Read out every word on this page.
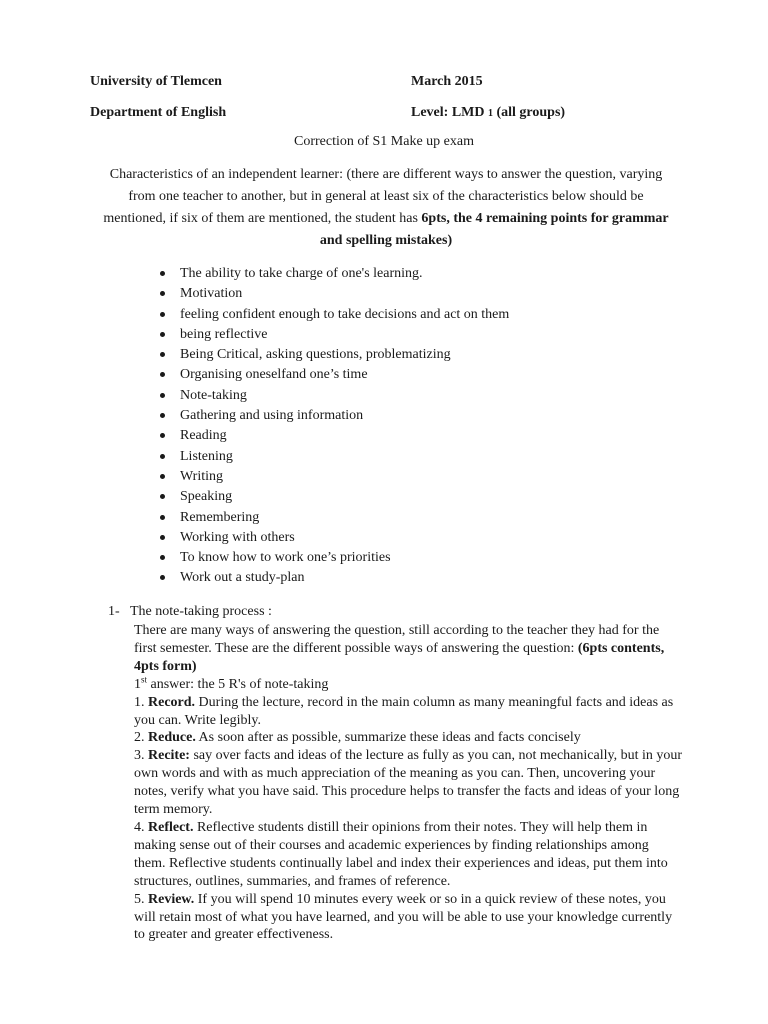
University of Tlemcen	March 2015
Department of English	Level: LMD 1 (all groups)
Correction of S1 Make up exam
Characteristics of an independent learner: (there are different ways to answer the question, varying from one teacher to another, but in general at least six of the characteristics below should be mentioned, if six of them are mentioned, the student has 6pts, the 4 remaining points for grammar and spelling mistakes)
The ability to take charge of one's learning.
Motivation
feeling confident enough to take decisions and act on them
being reflective
Being Critical, asking questions, problematizing
Organising oneselfand one’s time
Note-taking
Gathering and using information
Reading
Listening
Writing
Speaking
Remembering
Working with others
To know how to work one’s priorities
Work out a study-plan
1- The note-taking process :

There are many ways of answering the question, still according to the teacher they had for the first semester. These are the different possible ways of answering the question: (6pts contents, 4pts form)

1st answer: the 5 R's of note-taking

1. Record. During the lecture, record in the main column as many meaningful facts and ideas as you can. Write legibly.

2. Reduce. As soon after as possible, summarize these ideas and facts concisely

3. Recite: say over facts and ideas of the lecture as fully as you can, not mechanically, but in your own words and with as much appreciation of the meaning as you can. Then, uncovering your notes, verify what you have said. This procedure helps to transfer the facts and ideas of your long term memory.

4. Reflect. Reflective students distill their opinions from their notes. They will help them in making sense out of their courses and academic experiences by finding relationships among them. Reflective students continually label and index their experiences and ideas, put them into structures, outlines, summaries, and frames of reference.

5. Review. If you will spend 10 minutes every week or so in a quick review of these notes, you will retain most of what you have learned, and you will be able to use your knowledge currently to greater and greater effectiveness.
